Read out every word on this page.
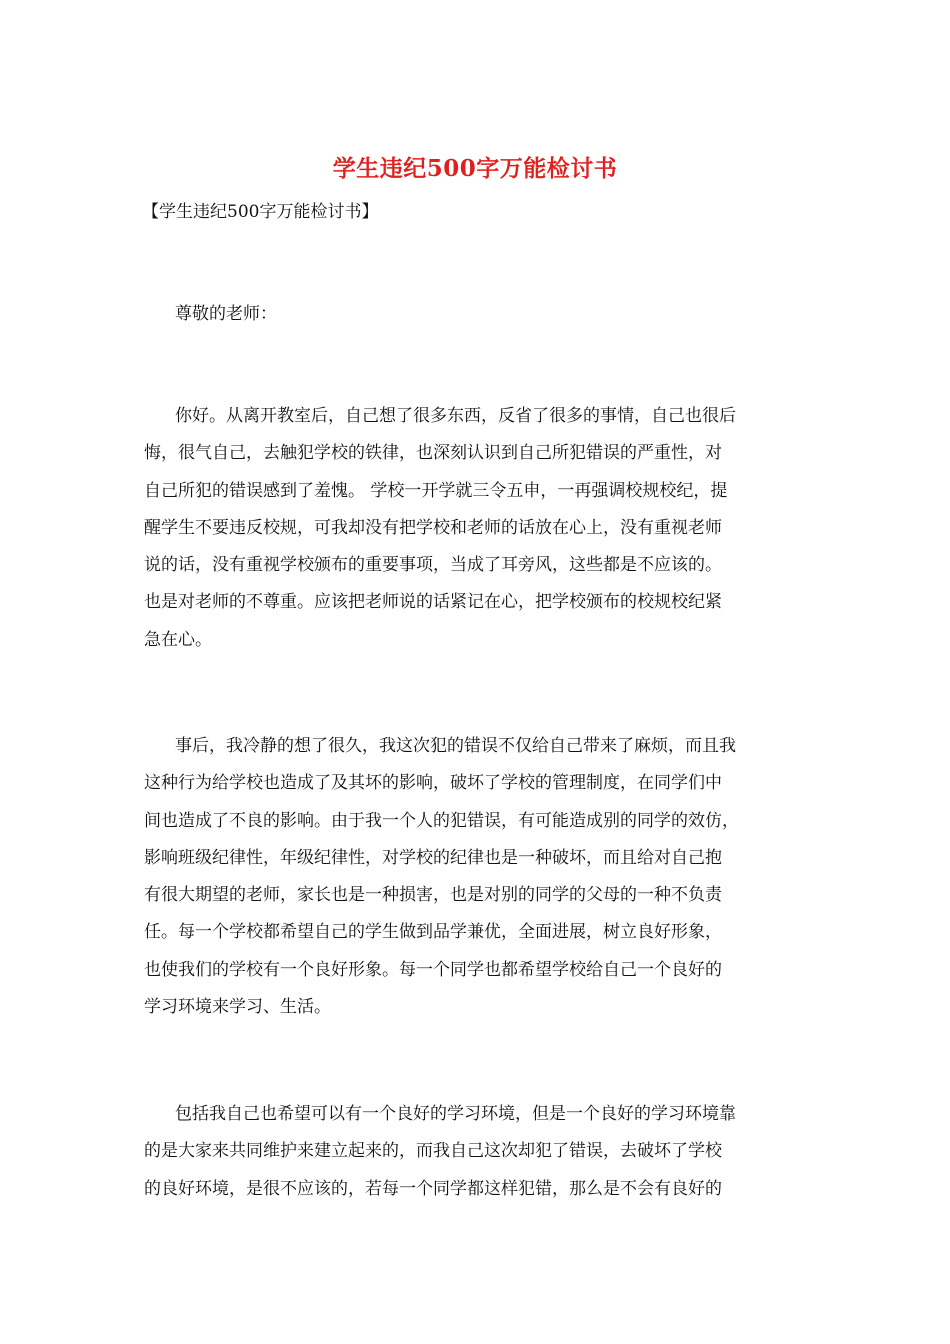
学生违纪500字万能检讨书
【学生违纪500字万能检讨书】
尊敬的老师：
你好。从离开教室后，自己想了很多东西，反省了很多的事情，自己也很后
悔，很气自己，去触犯学校的铁律，也深刻认识到自己所犯错误的严重性，对
自己所犯的错误感到了羞愧。 学校一开学就三令五申，一再强调校规校纪，提
醒学生不要违反校规，可我却没有把学校和老师的话放在心上，没有重视老师
说的话，没有重视学校颁布的重要事项，当成了耳旁风，这些都是不应该的。
也是对老师的不尊重。应该把老师说的话紧记在心，把学校颁布的校规校纪紧
急在心。
事后，我冷静的想了很久，我这次犯的错误不仅给自己带来了麻烦，而且我
这种行为给学校也造成了及其坏的影响，破坏了学校的管理制度，在同学们中
间也造成了不良的影响。由于我一个人的犯错误，有可能造成别的同学的效仿，
影响班级纪律性，年级纪律性，对学校的纪律也是一种破坏，而且给对自己抱
有很大期望的老师，家长也是一种损害，也是对别的同学的父母的一种不负责
任。每一个学校都希望自己的学生做到品学兼优，全面进展，树立良好形象，
也使我们的学校有一个良好形象。每一个同学也都希望学校给自己一个良好的
学习环境来学习、生活。
包括我自己也希望可以有一个良好的学习环境，但是一个良好的学习环境靠
的是大家来共同维护来建立起来的，而我自己这次却犯了错误，去破坏了学校
的良好环境，是很不应该的，若每一个同学都这样犯错，那么是不会有良好的
